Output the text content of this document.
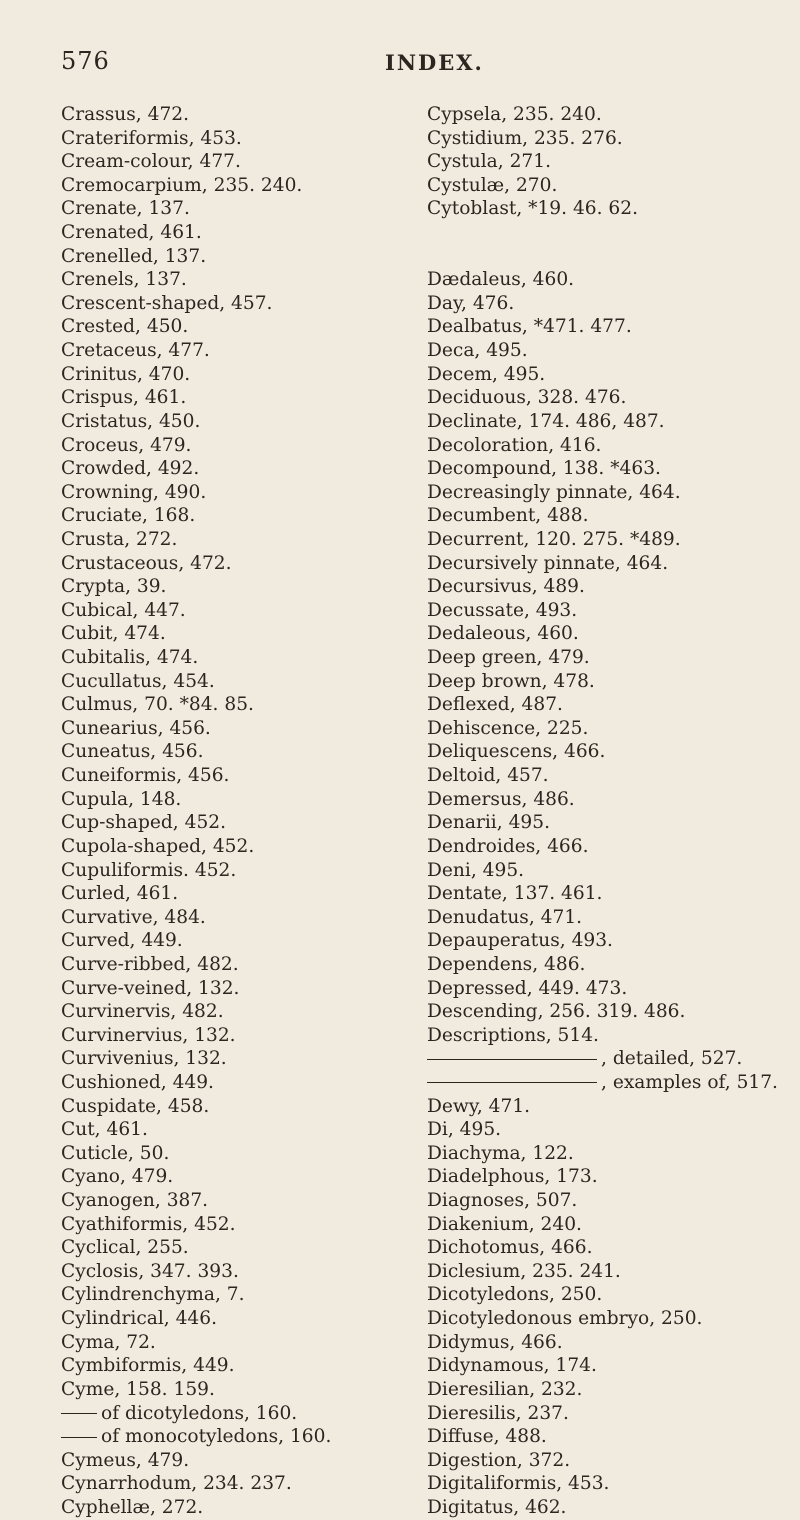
576	INDEX.
Crassus, 472.
Crateriformis, 453.
Cream-colour, 477.
Cremocarpium, 235. 240.
Crenate, 137.
Crenated, 461.
Crenelled, 137.
Crenels, 137.
Crescent-shaped, 457.
Crested, 450.
Cretaceus, 477.
Crinitus, 470.
Crispus, 461.
Cristatus, 450.
Croceus, 479.
Crowded, 492.
Crowning, 490.
Cruciate, 168.
Crusta, 272.
Crustaceous, 472.
Crypta, 39.
Cubical, 447.
Cubit, 474.
Cubitalis, 474.
Cucullatus, 454.
Culmus, 70. *84. 85.
Cunearius, 456.
Cuneatus, 456.
Cuneiformis, 456.
Cupula, 148.
Cup-shaped, 452.
Cupola-shaped, 452.
Cupuliformis. 452.
Curled, 461.
Curvative, 484.
Curved, 449.
Curve-ribbed, 482.
Curve-veined, 132.
Curvinervis, 482.
Curvinervius, 132.
Curvivenius, 132.
Cushioned, 449.
Cuspidate, 458.
Cut, 461.
Cuticle, 50.
Cyano, 479.
Cyanogen, 387.
Cyathiformis, 452.
Cyclical, 255.
Cyclosis, 347. 393.
Cylindrenchyma, 7.
Cylindrical, 446.
Cyma, 72.
Cymbiformis, 449.
Cyme, 158. 159.
of dicotyledons, 160.
of monocotyledons, 160.
Cymeus, 479.
Cynarrhodum, 234. 237.
Cyphellæ, 272.
Cypsela, 235. 240.
Cystidium, 235. 276.
Cystula, 271.
Cystulæ, 270.
Cytoblast, *19. 46. 62.
Dædaleus, 460.
Day, 476.
Dealbatus, *471. 477.
Deca, 495.
Decem, 495.
Deciduous, 328. 476.
Declinate, 174. 486, 487.
Decoloration, 416.
Decompound, 138. *463.
Decreasingly pinnate, 464.
Decumbent, 488.
Decurrent, 120. 275. *489.
Decursively pinnate, 464.
Decursivus, 489.
Decussate, 493.
Dedaleous, 460.
Deep green, 479.
Deep brown, 478.
Deflexed, 487.
Dehiscence, 225.
Deliquescens, 466.
Deltoid, 457.
Demersus, 486.
Denarii, 495.
Dendroides, 466.
Deni, 495.
Dentate, 137. 461.
Denudatus, 471.
Depauperatus, 493.
Dependens, 486.
Depressed, 449. 473.
Descending, 256. 319. 486.
Descriptions, 514.
, detailed, 527.
, examples of, 517.
Dewy, 471.
Di, 495.
Diachyma, 122.
Diadelphous, 173.
Diagnoses, 507.
Diakenium, 240.
Dichotomus, 466.
Diclesium, 235. 241.
Dicotyledons, 250.
Dicotyledonous embryo, 250.
Didymus, 466.
Didynamous, 174.
Dieresilian, 232.
Dieresilis, 237.
Diffuse, 488.
Digestion, 372.
Digitaliformis, 453.
Digitatus, 462.
